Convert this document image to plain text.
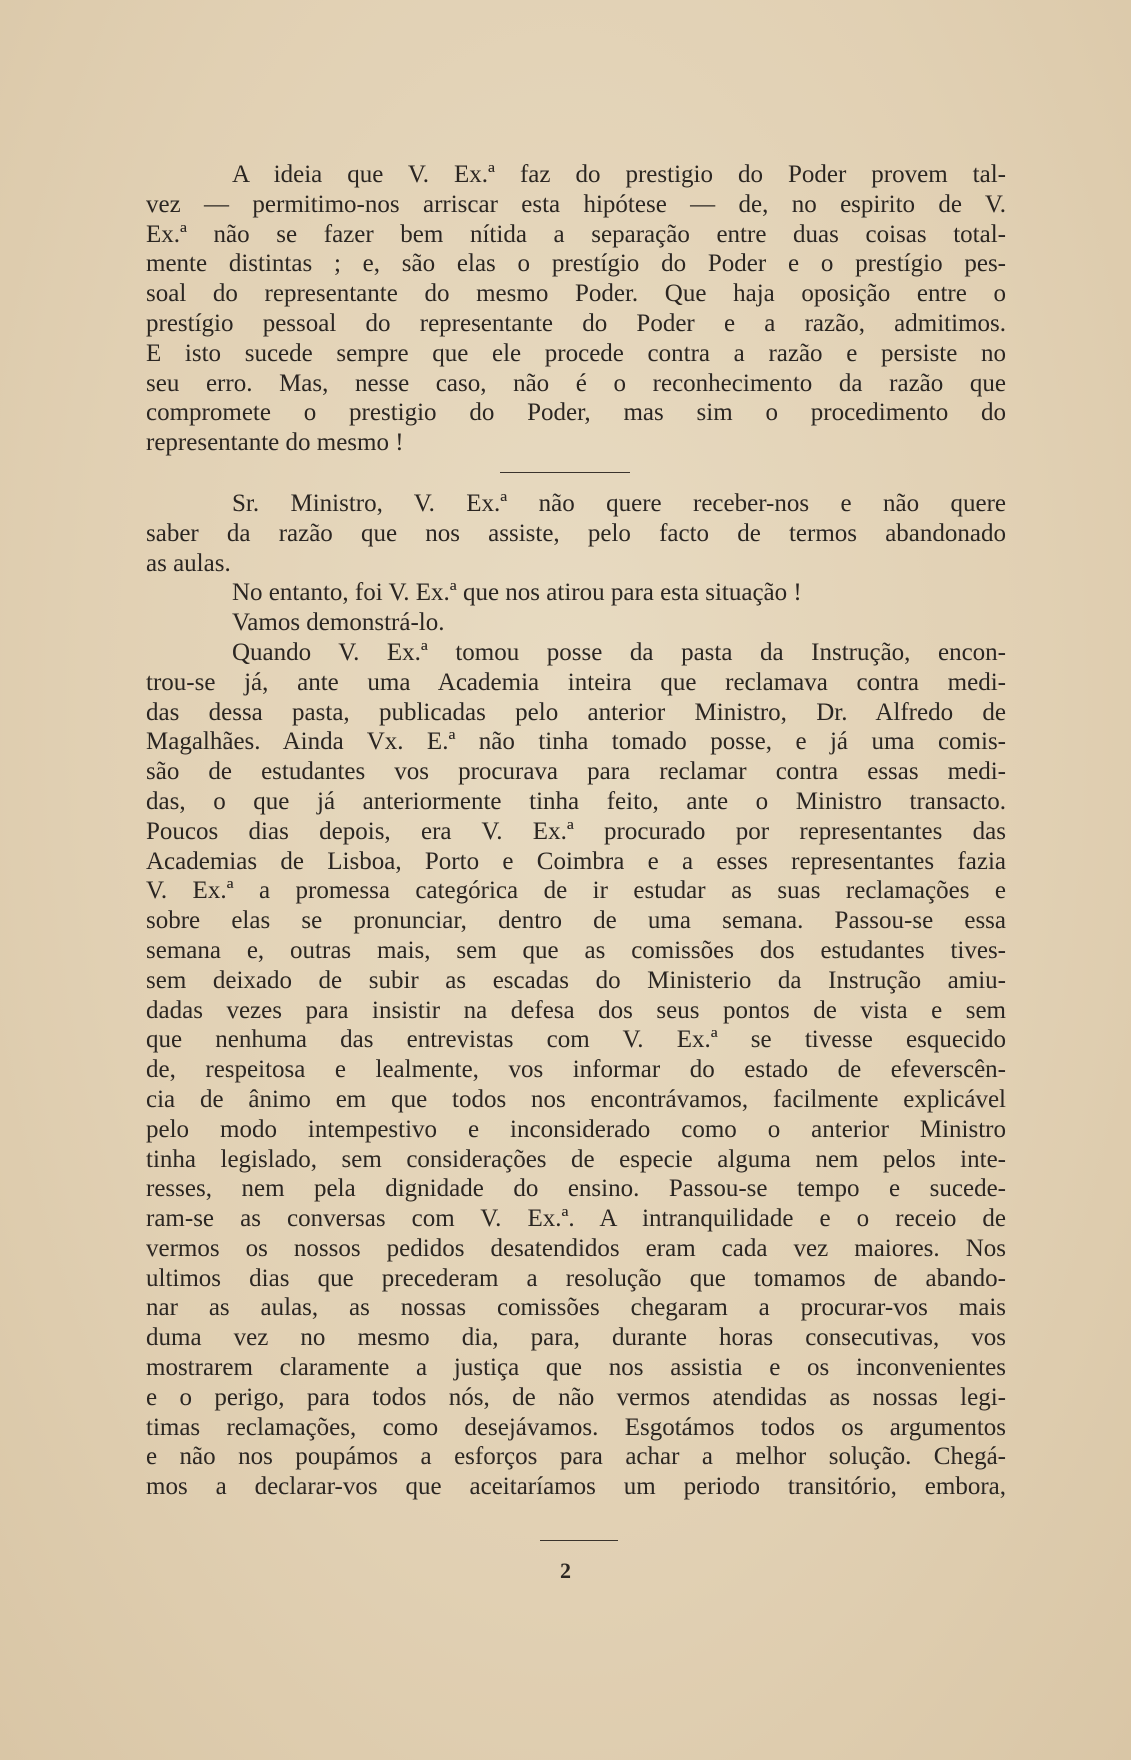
A ideia que V. Ex.ª faz do prestigio do Poder provem tal-
vez — permitimo-nos arriscar esta hipótese — de, no espirito de V.
Ex.ª não se fazer bem nítida a separação entre duas coisas total-
mente distintas ; e, são elas o prestígio do Poder e o prestígio pes-
soal do representante do mesmo Poder. Que haja oposição entre o
prestígio pessoal do representante do Poder e a razão, admitimos.
E isto sucede sempre que ele procede contra a razão e persiste no
seu erro. Mas, nesse caso, não é o reconhecimento da razão que
compromete o prestigio do Poder, mas sim o procedimento do
representante do mesmo !

Sr. Ministro, V. Ex.ª não quere receber-nos e não quere
saber da razão que nos assiste, pelo facto de termos abandonado
as aulas.

No entanto, foi V. Ex.ª que nos atirou para esta situação !

Vamos demonstrá-lo.

Quando V. Ex.ª tomou posse da pasta da Instrução, encon-
trou-se já, ante uma Academia inteira que reclamava contra medi-
das dessa pasta, publicadas pelo anterior Ministro, Dr. Alfredo de
Magalhães. Ainda Vx. E.ª não tinha tomado posse, e já uma comis-
são de estudantes vos procurava para reclamar contra essas medi-
das, o que já anteriormente tinha feito, ante o Ministro transacto.
Poucos dias depois, era V. Ex.ª procurado por representantes das
Academias de Lisboa, Porto e Coimbra e a esses representantes fazia
V. Ex.ª a promessa categórica de ir estudar as suas reclamações e
sobre elas se pronunciar, dentro de uma semana. Passou-se essa
semana e, outras mais, sem que as comissões dos estudantes tives-
sem deixado de subir as escadas do Ministerio da Instrução amiu-
dadas vezes para insistir na defesa dos seus pontos de vista e sem
que nenhuma das entrevistas com V. Ex.ª se tivesse esquecido
de, respeitosa e lealmente, vos informar do estado de efeverscên-
cia de ânimo em que todos nos encontrávamos, facilmente explicável
pelo modo intempestivo e inconsiderado como o anterior Ministro
tinha legislado, sem considerações de especie alguma nem pelos inte-
resses, nem pela dignidade do ensino. Passou-se tempo e sucede-
ram-se as conversas com V. Ex.ª. A intranquilidade e o receio de
vermos os nossos pedidos desatendidos eram cada vez maiores. Nos
ultimos dias que precederam a resolução que tomamos de abando-
nar as aulas, as nossas comissões chegaram a procurar-vos mais
duma vez no mesmo dia, para, durante horas consecutivas, vos
mostrarem claramente a justiça que nos assistia e os inconvenientes
e o perigo, para todos nós, de não vermos atendidas as nossas legi-
timas reclamações, como desejávamos. Esgotámos todos os argumentos
e não nos poupámos a esforços para achar a melhor solução. Chegá-
mos a declarar-vos que aceitaríamos um periodo transitório, embora,

2
